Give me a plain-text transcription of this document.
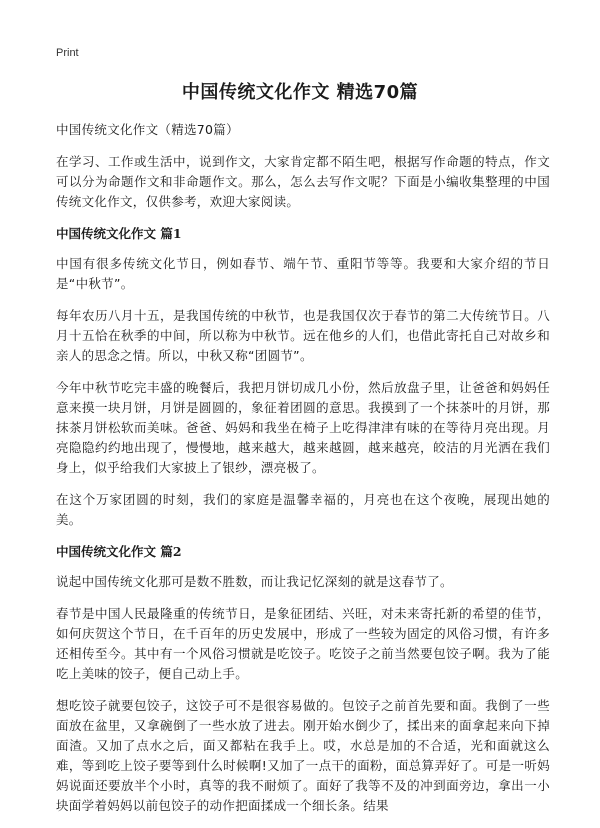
Print
中国传统文化作文 精选70篇

中国传统文化作文（精选70篇）

在学习、工作或生活中，说到作文，大家肯定都不陌生吧，根据写作命题的特点，作文可以分为命题作文和非命题作文。那么，怎么去写作文呢？下面是小编收集整理的中国传统文化作文，仅供参考，欢迎大家阅读。

中国传统文化作文 篇1

中国有很多传统文化节日，例如春节、端午节、重阳节等等。我要和大家介绍的节日是“中秋节”。

每年农历八月十五，是我国传统的中秋节，也是我国仅次于春节的第二大传统节日。八月十五恰在秋季的中间，所以称为中秋节。远在他乡的人们，也借此寄托自己对故乡和亲人的思念之情。所以，中秋又称“团圆节”。

今年中秋节吃完丰盛的晚餐后，我把月饼切成几小份，然后放盘子里，让爸爸和妈妈任意来摸一块月饼，月饼是圆圆的，象征着团圆的意思。我摸到了一个抹茶叶的月饼，那抹茶月饼松软而美味。爸爸、妈妈和我坐在椅子上吃得津津有味的在等待月亮出现。月亮隐隐约约地出现了，慢慢地，越来越大，越来越圆，越来越亮，皎洁的月光洒在我们身上，似乎给我们大家披上了银纱，漂亮极了。

在这个万家团圆的时刻，我们的家庭是温馨幸福的，月亮也在这个夜晚，展现出她的美。

中国传统文化作文 篇2

说起中国传统文化那可是数不胜数，而让我记忆深刻的就是这春节了。

春节是中国人民最隆重的传统节日，是象征团结、兴旺，对未来寄托新的希望的佳节，如何庆贺这个节日，在千百年的历史发展中，形成了一些较为固定的风俗习惯，有许多还相传至今。其中有一个风俗习惯就是吃饺子。吃饺子之前当然要包饺子啊。我为了能吃上美味的饺子，便自己动上手。

想吃饺子就要包饺子，这饺子可不是很容易做的。包饺子之前首先要和面。我倒了一些面放在盆里，又拿碗倒了一些水放了进去。刚开始水倒少了，揉出来的面拿起来向下掉面渣。又加了点水之后，面又都粘在我手上。哎，水总是加的不合适，光和面就这么难，等到吃上饺子要等到什么时候啊!又加了一点干的面粉，面总算弄好了。可是一听妈妈说面还要放半个小时，真等的我不耐烦了。面好了我等不及的冲到面旁边，拿出一小块面学着妈妈以前包饺子的动作把面揉成一个细长条。结果
